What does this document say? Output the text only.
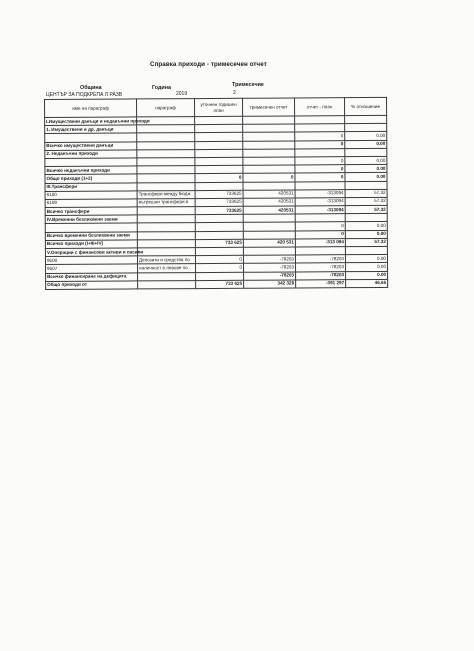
Справка приходи - тримесечен отчет
Община	Година	Тримесечие
ЦЕНТЪР ЗА ПОДКРЕПА Л РАЗВ	2019	2
име на параграф	параграф	уточнен годишен план	тримесечен отчет	отчет - план	% отношение
I.Имуществени данъци и неданъчни приходи					
1. Имуществени и др. данъци					
				0	0.00
Всичко имуществени данъци				0	0.00
2. Неданъчни приходи					
				0	0.00
Всичко неданъчни приходи				0	0.00
Общо приходи (1+2)		0	0	0	0.00
III.Трансфери					
6100	Трансфери между бюдж	733625	420531	-313094	57.32
6109	вътрешни трансфери в	733625	420531	-313094	57.32
Всичко трансфери		733625	420531	-313094	57.32
IV.Временни безлихвени заеми					
				0	0.00
Всичко временни безлихвени заеми				0	0.00
Всичко приходи (I+III+IV)		733 625	420 531	-313 094	57.32
V.Операции с финансови активи и пасиви					
9500	Депозити и средства по	0	-78203	-78203	0.00
9507	наличност в левове по	0	-78203	-78203	0.00
Всичко финансиране на дефицита			-78203	-78203	0.00
Общо приходи от		733 625	342 328	-391 297	46.66
